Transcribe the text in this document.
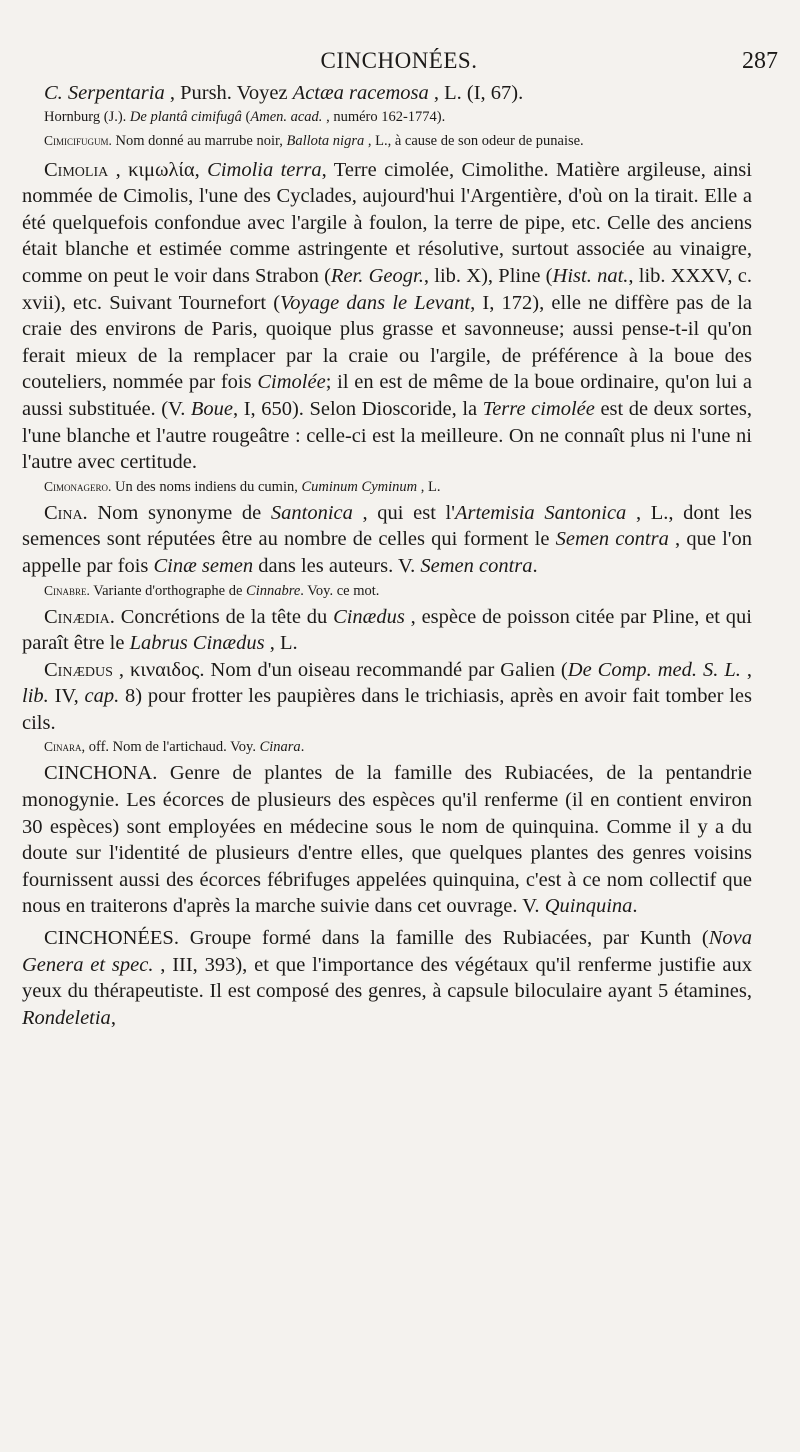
CINCHONÉES.	287

C. Serpentaria , Pursh. Voyez Actæa racemosa , L. (I, 67).

Hornburg (J.). De plantâ cimifugâ (Amen. acad. , numéro 162-1774).

Cimicifugum. Nom donné au marrube noir, Ballota nigra , L., à cause de son odeur de punaise.

Cimolia , κιμωλία, Cimolia terra, Terre cimolée, Cimolithe. Matière argileuse, ainsi nommée de Cimolis, l'une des Cyclades, aujourd'hui l'Argentière, d'où on la tirait. Elle a été quelquefois confondue avec l'argile à foulon, la terre de pipe, etc. Celle des anciens était blanche et estimée comme astringente et résolutive, surtout associée au vinaigre, comme on peut le voir dans Strabon (Rer. Geogr., lib. X), Pline (Hist. nat., lib. XXXV, c. xvii), etc. Suivant Tournefort (Voyage dans le Levant, I, 172), elle ne diffère pas de la craie des environs de Paris, quoique plus grasse et savonneuse; aussi pense-t-il qu'on ferait mieux de la remplacer par la craie ou l'argile, de préférence à la boue des couteliers, nommée par fois Cimolée; il en est de même de la boue ordinaire, qu'on lui a aussi substituée. (V. Boue, I, 650). Selon Dioscoride, la Terre cimolée est de deux sortes, l'une blanche et l'autre rougeâtre : celle-ci est la meilleure. On ne connaît plus ni l'une ni l'autre avec certitude.

Cimonagero. Un des noms indiens du cumin, Cuminum Cyminum , L.

Cina. Nom synonyme de Santonica , qui est l'Artemisia Santonica , L., dont les semences sont réputées être au nombre de celles qui forment le Semen contra , que l'on appelle par fois Cinæ semen dans les auteurs. V. Semen contra.

Cinabre. Variante d'orthographe de Cinnabre. Voy. ce mot.

Cinædia. Concrétions de la tête du Cinædus , espèce de poisson citée par Pline, et qui paraît être le Labrus Cinædus , L.

Cinædus , κιναιδος. Nom d'un oiseau recommandé par Galien (De Comp. med. S. L. , lib. IV, cap. 8) pour frotter les paupières dans le trichiasis, après en avoir fait tomber les cils.

Cinara, off. Nom de l'artichaud. Voy. Cinara.

CINCHONA. Genre de plantes de la famille des Rubiacées, de la pentandrie monogynie. Les écorces de plusieurs des espèces qu'il renferme (il en contient environ 30 espèces) sont employées en médecine sous le nom de quinquina. Comme il y a du doute sur l'identité de plusieurs d'entre elles, que quelques plantes des genres voisins fournissent aussi des écorces fébrifuges appelées quinquina, c'est à ce nom collectif que nous en traiterons d'après la marche suivie dans cet ouvrage. V. Quinquina.

CINCHONÉES. Groupe formé dans la famille des Rubiacées, par Kunth (Nova Genera et spec. , III, 393), et que l'importance des végétaux qu'il renferme justifie aux yeux du thérapeutiste. Il est composé des genres, à capsule biloculaire ayant 5 étamines, Rondeletia,
